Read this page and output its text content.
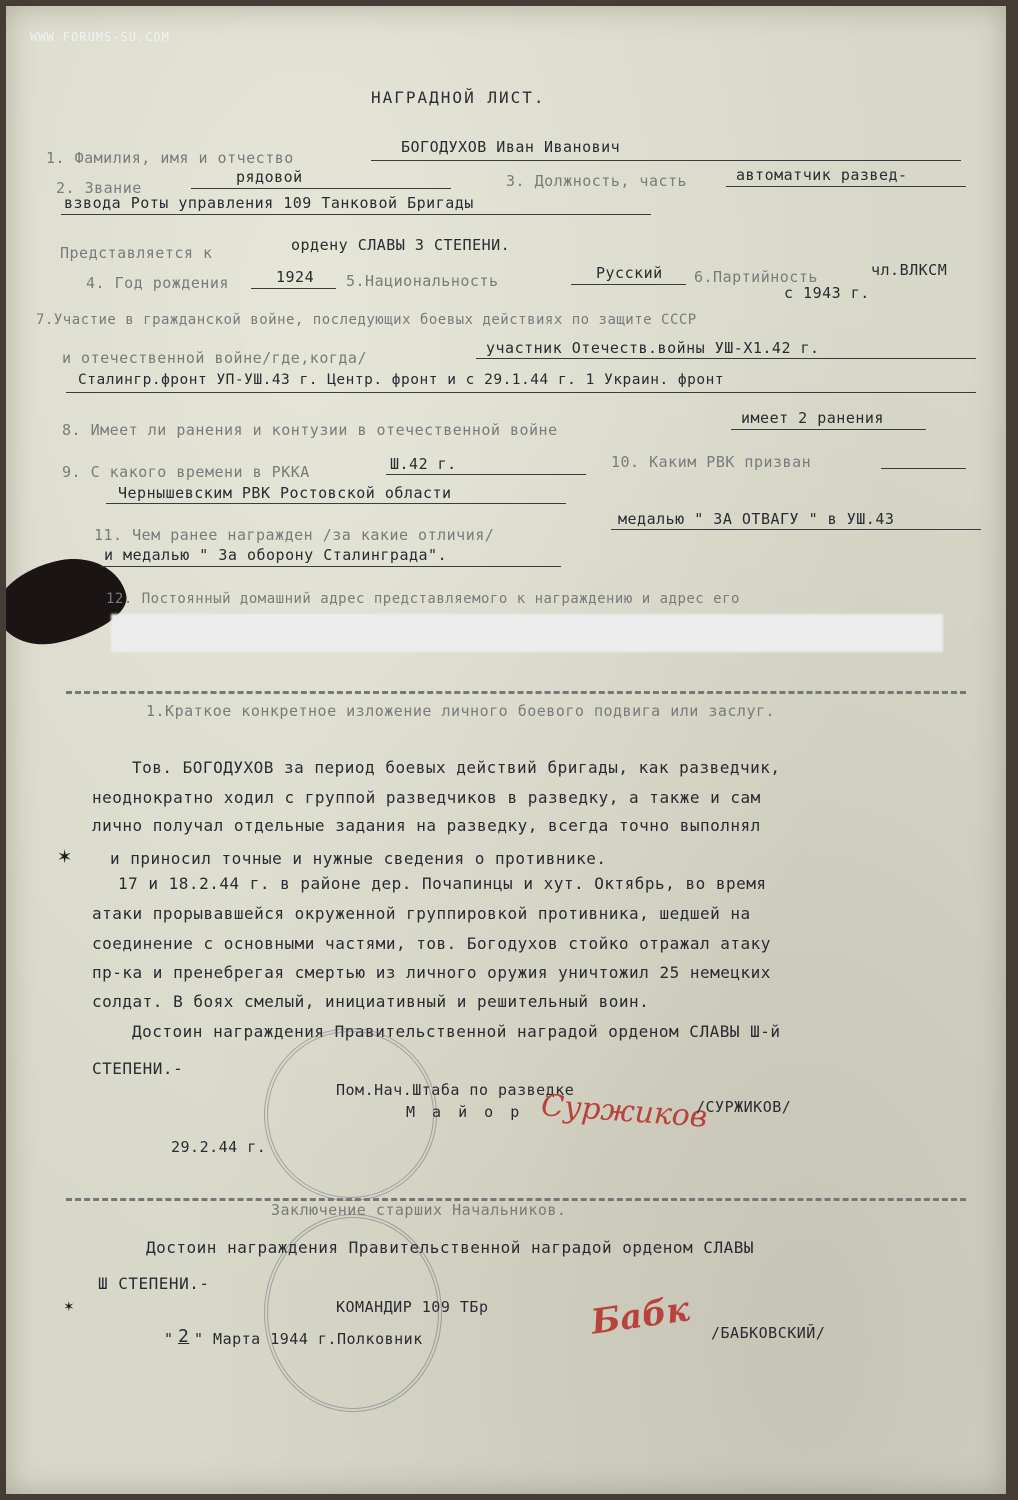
WWW.FORUMS-SU.COM
НАГРАДНОЙ ЛИСТ.
1. Фамилия, имя и отчество
БОГОДУХОВ Иван Иванович
2. Звание
рядовой	3. Должность, часть	автоматчик развед-
взвода Роты управления 109 Танковой Бригады
Представляется к	ордену СЛАВЫ 3 СТЕПЕНИ.
4. Год рождения	1924 5.Национальность	Русский 6.Партийность	чл.ВЛКСМ
с 1943 г.
7.Участие в гражданской войне, последующих боевых действиях по защите СССР
и отечественной войне/где,когда/
участник Отечеств.войны УШ-Х1.42 г.
Сталингр.фронт УП-УШ.43 г. Центр. фронт и с 29.1.44 г. 1 Украин. фронт
8. Имеет ли ранения и контузии в отечественной войне
имеет 2 ранения
9. С какого времени в РККА	Ш.42 г.	10. Каким РВК призван
Чернышевским РВК Ростовской области
11. Чем ранее награжден /за какие отличия/
медалью " ЗА ОТВАГУ " в УШ.43
и медалью " За оборону Сталинграда".
12. Постоянный домашний адрес представляемого к награждению и адрес его
1.Краткое конкретное изложение личного боевого подвига или заслуг.
Тов. БОГОДУХОВ за период боевых действий бригады, как разведчик,
неоднократно ходил с группой разведчиков в разведку, а также и сам
лично получал отдельные задания на разведку, всегда точно выполнял
и приносил точные и нужные сведения о противнике.
17 и 18.2.44 г. в районе дер. Почапинцы и хут. Октябрь, во время
атаки прорывавшейся окруженной группировкой противника, шедшей на
соединение с основными частями, тов. Богодухов стойко отражал атаку
пр-ка и пренебрегая смертью из личного оружия уничтожил 25 немецких
солдат. В боях смелый, инициативный и решительный воин.
Достоин награждения Правительственной наградой орденом СЛАВЫ Ш-й
СТЕПЕНИ.-
✶
Пом.Нач.Штаба по разведке
М а й о р Суржиков
/СУРЖИКОВ/
29.2.44 г.
Заключение старших Начальников.
Достоин награждения Правительственной наградой орденом СЛАВЫ
Ш СТЕПЕНИ.-
КОМАНДИР 109 ТБр
" 2 " Марта 1944 г.Полковник	Бабк /БАБКОВСКИЙ/
✶
